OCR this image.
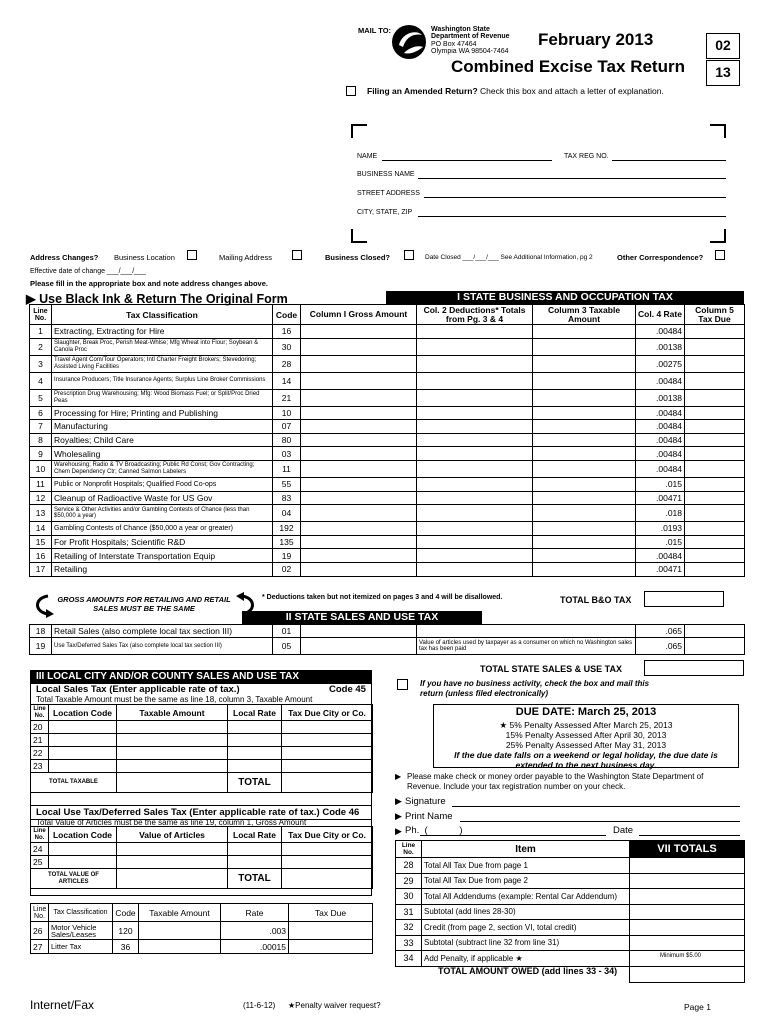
MAIL TO:	Washington State
Department of Revenue
PO Box 47464
Olympia WA 98504-7464
February 2013
Combined Excise Tax Return
02
13
Filing an Amended Return? Check this box and attach a letter of explanation.
NAME	TAX REG NO.
BUSINESS NAME
STREET ADDRESS
CITY, STATE, ZIP
Address Changes? Business Location	Mailing Address	Business Closed?	Date Closed ___/___/___ See Additional Information, pg 2	Other Correspondence?
Effective date of change ___/___/___
Please fill in the appropriate box and note address changes above.
▶ Use Black Ink & Return The Original Form	I STATE BUSINESS AND OCCUPATION TAX
Line No.	Tax Classification	Code	Column I Gross Amount	Col. 2 Deductions* Totals from Pg. 3 & 4	Column 3 Taxable Amount	Col. 4 Rate	Column 5 Tax Due
1	Extracting, Extracting for Hire	16				.00484	
2	Slaughter, Break Proc, Perish Meat-Whlse; Mfg Wheat into Flour; Soybean & Canola Proc	30				.00138	
3	Travel Agent Com/Tour Operators; Intl Charter Freight Brokers; Stevedoring; Assisted Living Facilities	28				.00275	
4	Insurance Producers; Title Insurance Agents; Surplus Line Broker Commissions	14				.00484	
5	Prescription Drug Warehousing; Mfg: Wood Biomass Fuel; or Split/Proc Dried Peas	21				.00138	
6	Processing for Hire; Printing and Publishing	10				.00484	
7	Manufacturing	07				.00484	
8	Royalties; Child Care	80				.00484	
9	Wholesaling	03				.00484	
10	Warehousing; Radio & TV Broadcasting; Public Rd Const; Gov Contracting; Chem Dependency Ctr; Canned Salmon Labelers	11				.00484	
11	Public or Nonprofit Hospitals; Qualified Food Co-ops	55				.015	
12	Cleanup of Radioactive Waste for US Gov	83				.00471	
13	Service & Other Activities and/or Gambling Contests of Chance (less than $50,000 a year)	04				.018	
14	Gambling Contests of Chance ($50,000 a year or greater)	192				.0193	
15	For Profit Hospitals; Scientific R&D	135				.015	
16	Retailing of Interstate Transportation Equip	19				.00484	
17	Retailing	02				.00471	
GROSS AMOUNTS FOR RETAILING AND RETAIL SALES MUST BE THE SAME
* Deductions taken but not itemized on pages 3 and 4 will be disallowed.	TOTAL B&O TAX
II STATE SALES AND USE TAX
18	Retail Sales (also complete local tax section III)	01			.065	
19	Use Tax/Deferred Sales Tax (also complete local tax section III)	05		Value of articles used by taxpayer as a consumer on which no Washington sales tax has been paid	.065	
TOTAL STATE SALES & USE TAX
III LOCAL CITY AND/OR COUNTY SALES AND USE TAX
Local Sales Tax (Enter applicable rate of tax.)	Code 45
Total Taxable Amount must be the same as line 18, column 3, Taxable Amount
Line No.	Location Code	Taxable Amount	Local Rate	Tax Due City or Co.
20				
21				
22				
23				
TOTAL TAXABLE			TOTAL	
Local Use Tax/Deferred Sales Tax (Enter applicable rate of tax.) Code 46
Total Value of Articles must be the same as line 19, column 1, Gross Amount
Line No.	Location Code	Value of Articles	Local Rate	Tax Due City or Co.
24				
25				
TOTAL VALUE OF ARTICLES			TOTAL	
Line No.	Tax Classification	Code	Taxable Amount	Rate	Tax Due
26	Motor Vehicle Sales/Leases	120		.003	
27	Litter Tax	36		.00015	
If you have no business activity, check the box and mail this return (unless filed electronically)
DUE DATE: March 25, 2013
★ 5% Penalty Assessed After March 25, 2013
15% Penalty Assessed After April 30, 2013
25% Penalty Assessed After May 31, 2013
If the due date falls on a weekend or legal holiday, the due date is extended to the next business day.
▶ Please make check or money order payable to the Washington State Department of Revenue. Include your tax registration number on your check.
▶ Signature
▶ Print Name
▶ Ph.  (            )	Date
Line No.	Item	VII TOTALS
28	Total All Tax Due from page 1	
29	Total All Tax Due from page 2	
30	Total All Addendums (example: Rental Car Addendum)	
31	Subtotal (add lines 28-30)	
32	Credit (from page 2, section VI, total credit)	
33	Subtotal (subtract line 32 from line 31)	
34	Add Penalty, if applicable ★	
			Minimum $5.00
TOTAL AMOUNT OWED (add lines 33 - 34)
Internet/Fax	(11-6-12) ★Penalty waiver request?	Page 1
